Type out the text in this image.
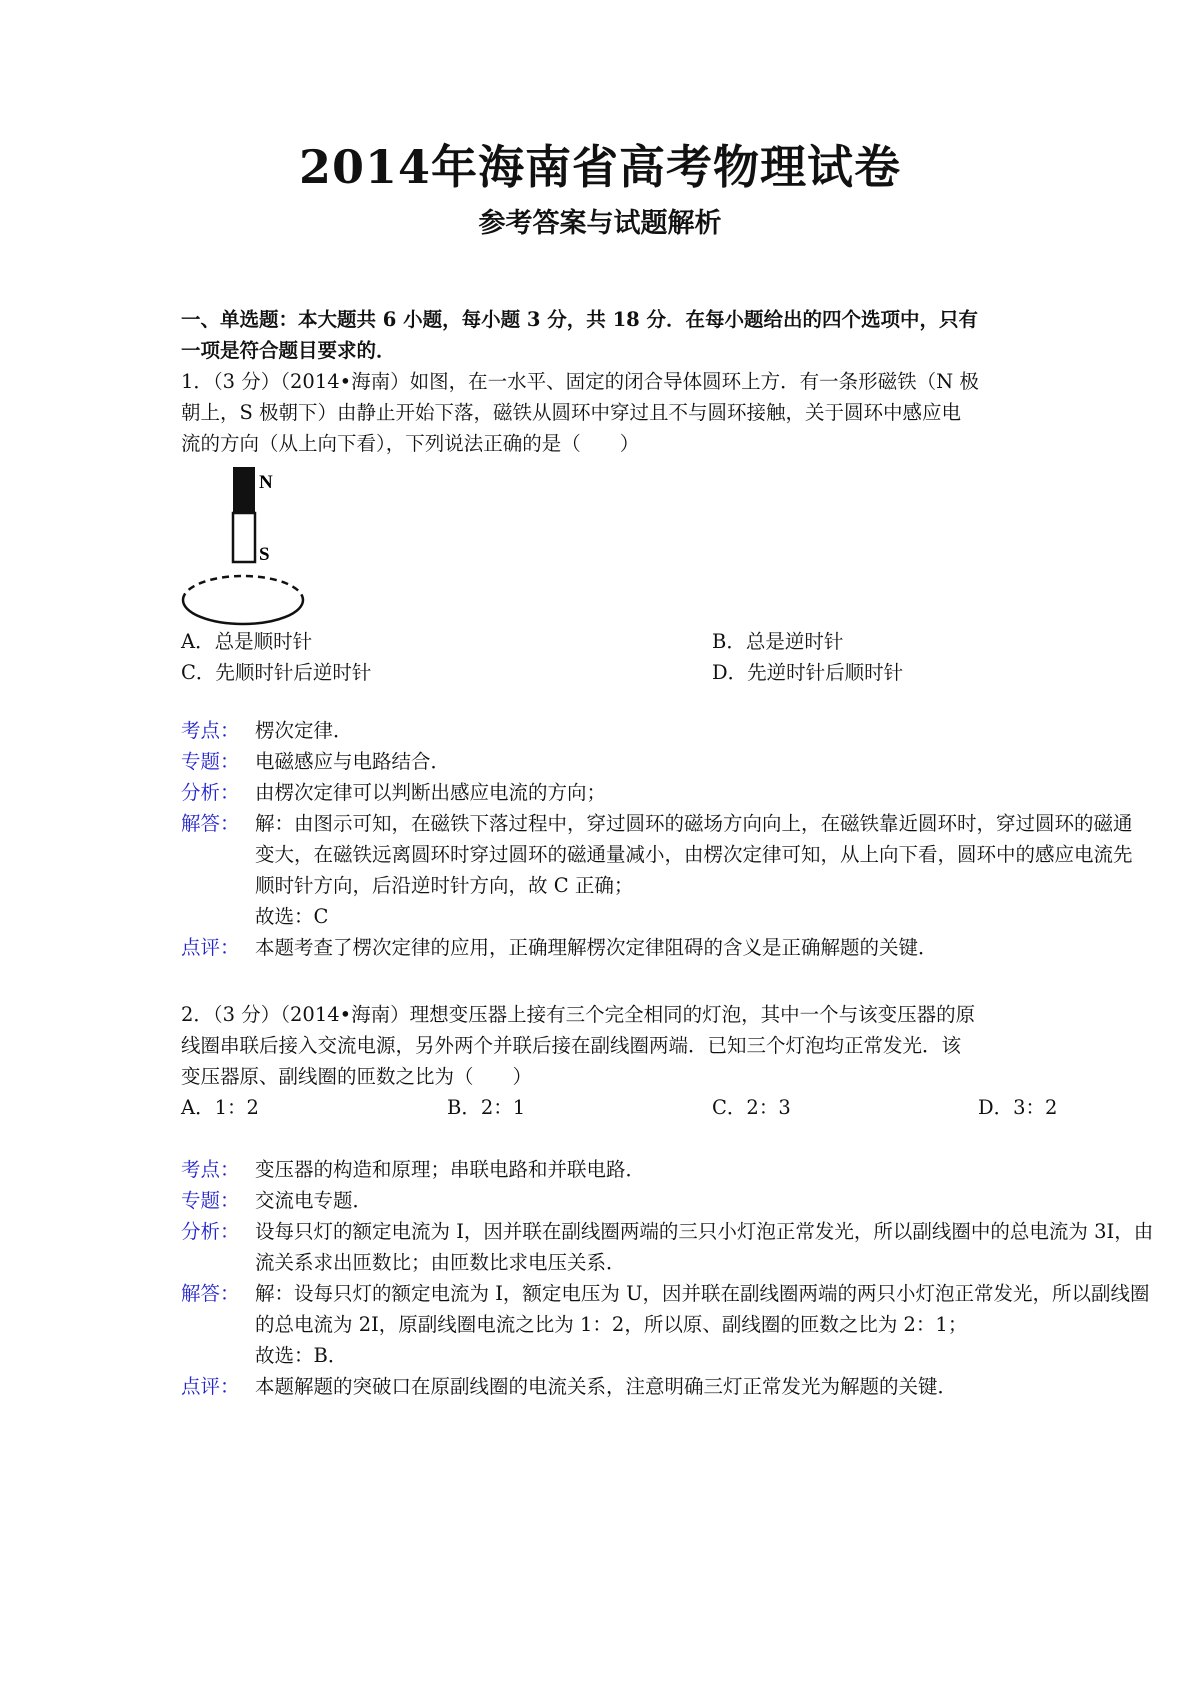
2014年海南省高考物理试卷
参考答案与试题解析
一、单选题：本大题共 6 小题，每小题 3 分，共 18 分．在每小题给出的四个选项中，只有
一项是符合题目要求的．
1．（3 分）（2014•海南）如图，在一水平、固定的闭合导体圆环上方．有一条形磁铁（N 极
朝上，S 极朝下）由静止开始下落，磁铁从圆环中穿过且不与圆环接触，关于圆环中感应电
流的方向（从上向下看），下列说法正确的是（　　）
N
S
A．总是顺时针	B．总是逆时针
C．先顺时针后逆时针	D．先逆时针后顺时针
考点： 楞次定律．
专题： 电磁感应与电路结合．
分析： 由楞次定律可以判断出感应电流的方向；
解答： 解：由图示可知，在磁铁下落过程中，穿过圆环的磁场方向向上，在磁铁靠近圆环时，穿过圆环的磁通
变大，在磁铁远离圆环时穿过圆环的磁通量减小，由楞次定律可知，从上向下看，圆环中的感应电流先
顺时针方向，后沿逆时针方向，故 C 正确；
故选：C
点评： 本题考查了楞次定律的应用，正确理解楞次定律阻碍的含义是正确解题的关键．
2．（3 分）（2014•海南）理想变压器上接有三个完全相同的灯泡，其中一个与该变压器的原
线圈串联后接入交流电源，另外两个并联后接在副线圈两端．已知三个灯泡均正常发光．该
变压器原、副线圈的匝数之比为（　　）
A．1：2	B．2：1	C．2：3	D．3：2
考点： 变压器的构造和原理；串联电路和并联电路．
专题： 交流电专题．
分析： 设每只灯的额定电流为 I，因并联在副线圈两端的三只小灯泡正常发光，所以副线圈中的总电流为 3I，由
流关系求出匝数比；由匝数比求电压关系．
解答： 解：设每只灯的额定电流为 I，额定电压为 U，因并联在副线圈两端的两只小灯泡正常发光，所以副线圈
的总电流为 2I，原副线圈电流之比为 1：2，所以原、副线圈的匝数之比为 2：1；
故选：B．
点评： 本题解题的突破口在原副线圈的电流关系，注意明确三灯正常发光为解题的关键．
